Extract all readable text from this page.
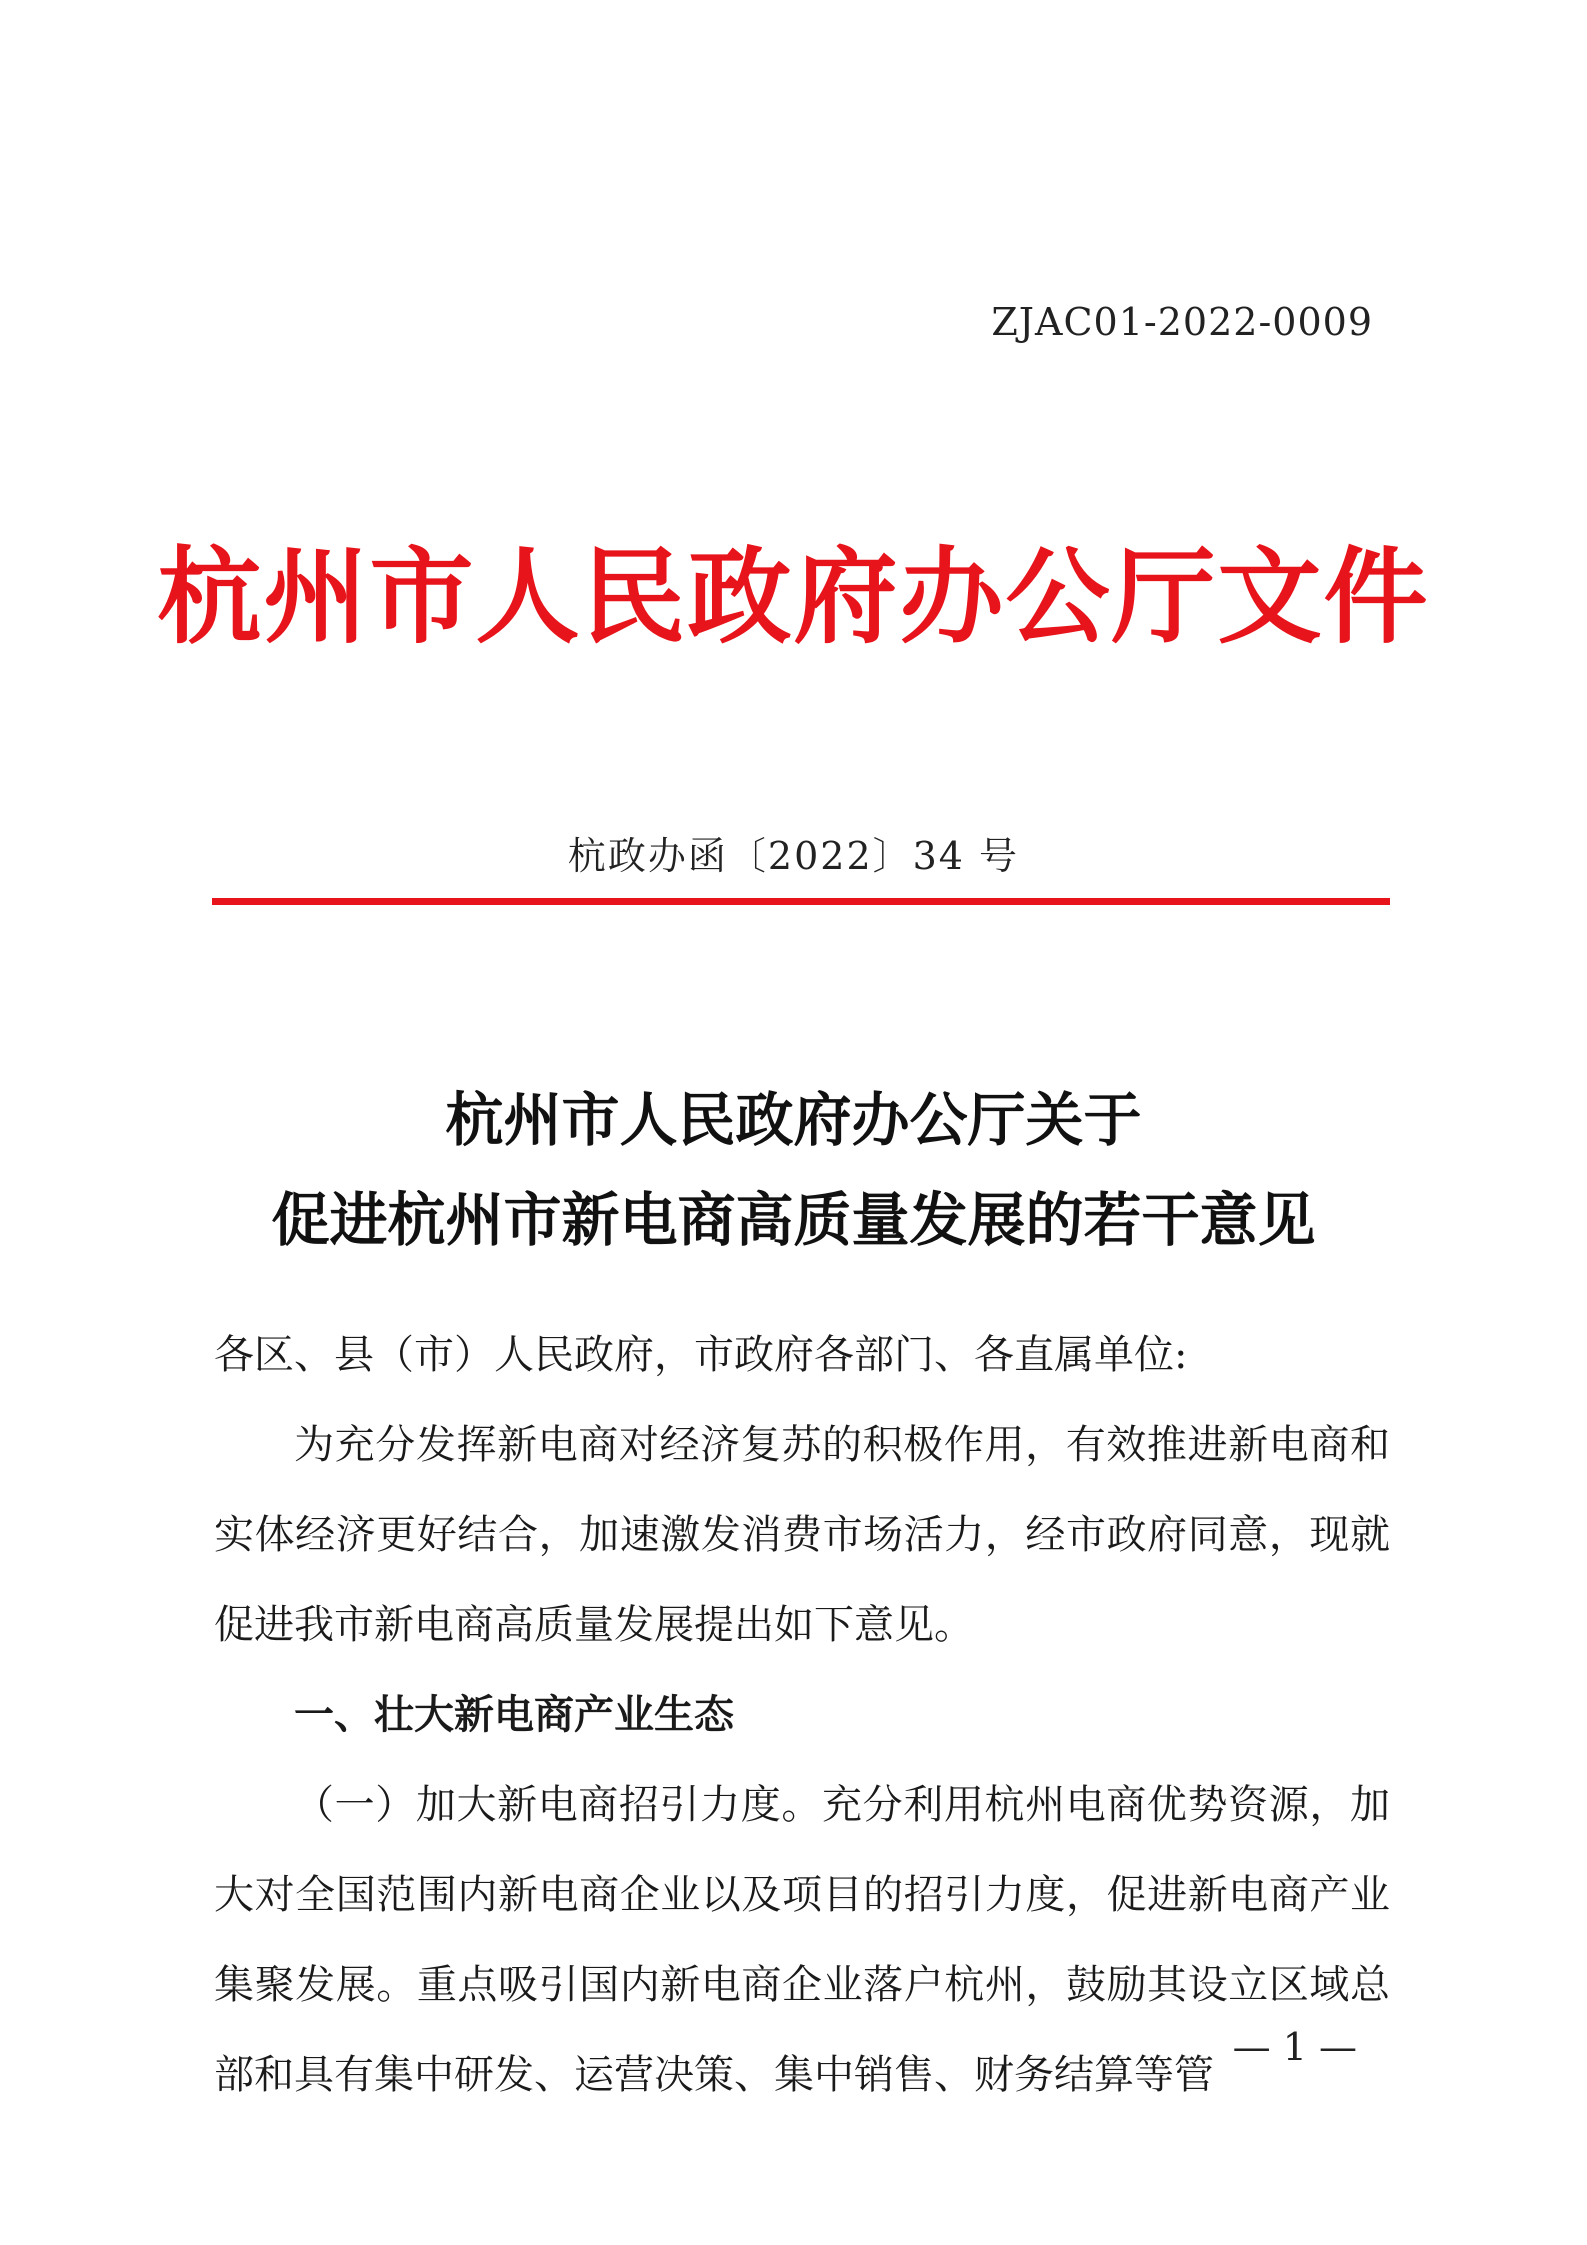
ZJAC01-2022-0009
杭州市人民政府办公厅文件
杭政办函〔2022〕34 号
杭州市人民政府办公厅关于
促进杭州市新电商高质量发展的若干意见

各区、县（市）人民政府，市政府各部门、各直属单位:

为充分发挥新电商对经济复苏的积极作用，有效推进新电商和实体经济更好结合，加速激发消费市场活力，经市政府同意，现就促进我市新电商高质量发展提出如下意见。

一、壮大新电商产业生态

（一）加大新电商招引力度。充分利用杭州电商优势资源，加大对全国范围内新电商企业以及项目的招引力度，促进新电商产业集聚发展。重点吸引国内新电商企业落户杭州，鼓励其设立区域总部和具有集中研发、运营决策、集中销售、财务结算等管

— 1 —
